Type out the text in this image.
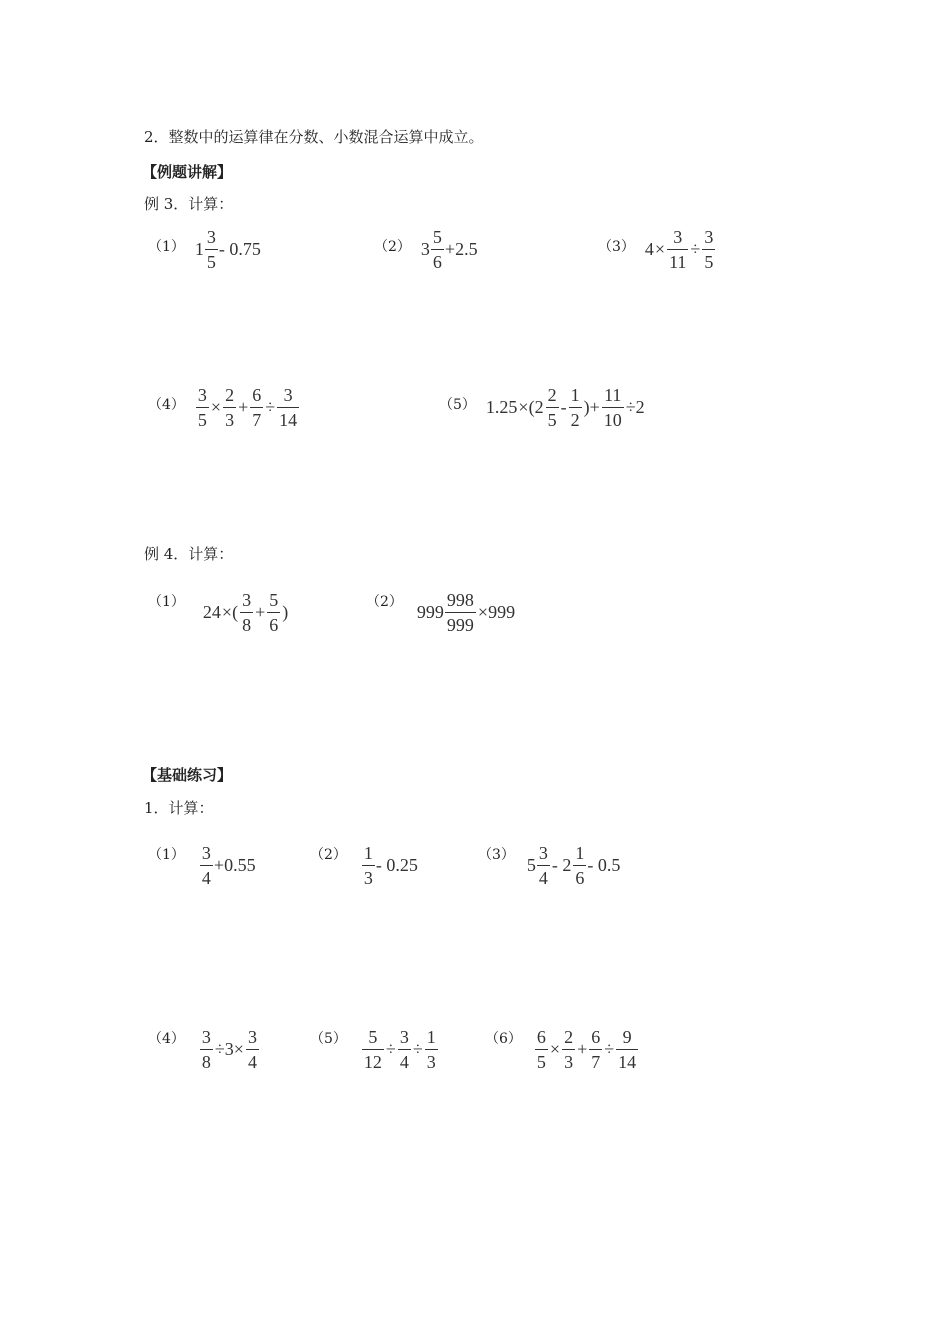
2．整数中的运算律在分数、小数混合运算中成立。
【例题讲解】
例 3．计算：
（1） $1 \frac{3}{5} - 0.75$	（2） $3 \frac{5}{6} +2.5$	（3） $4 \times \frac{3}{11} \div \frac{3}{5}$
$(4) \frac{3}{5} \times \frac{2}{3} + \frac{6}{7} \div \frac{3}{14}$	（5） $1.25 \times(2 \frac{2}{5} - \frac{1}{2}$ )+ $\frac{11}{10} \div 2$
例 4．计算：
（1）
24 ×( $\frac{3}{8} + \frac{5}{6}$ )
（2）
$999 \frac{998}{999} \times 999$
【基础练习】
1．计算：
$(1) \frac{3}{4} +0.55$
$(2) \frac{1}{3} - 0.25$
（3）
$5 \frac{3}{4} - 2 \frac{1}{6} - 0.5$
$(4) \frac{3}{8} \div 3\times \frac{3}{4}$	$(5) \frac{5}{12} \div \frac{3}{4} \div \frac{1}{3}$	$(6) \frac{6}{5} \times \frac{2}{3} + \frac{6}{7} \div \frac{9}{14}$
